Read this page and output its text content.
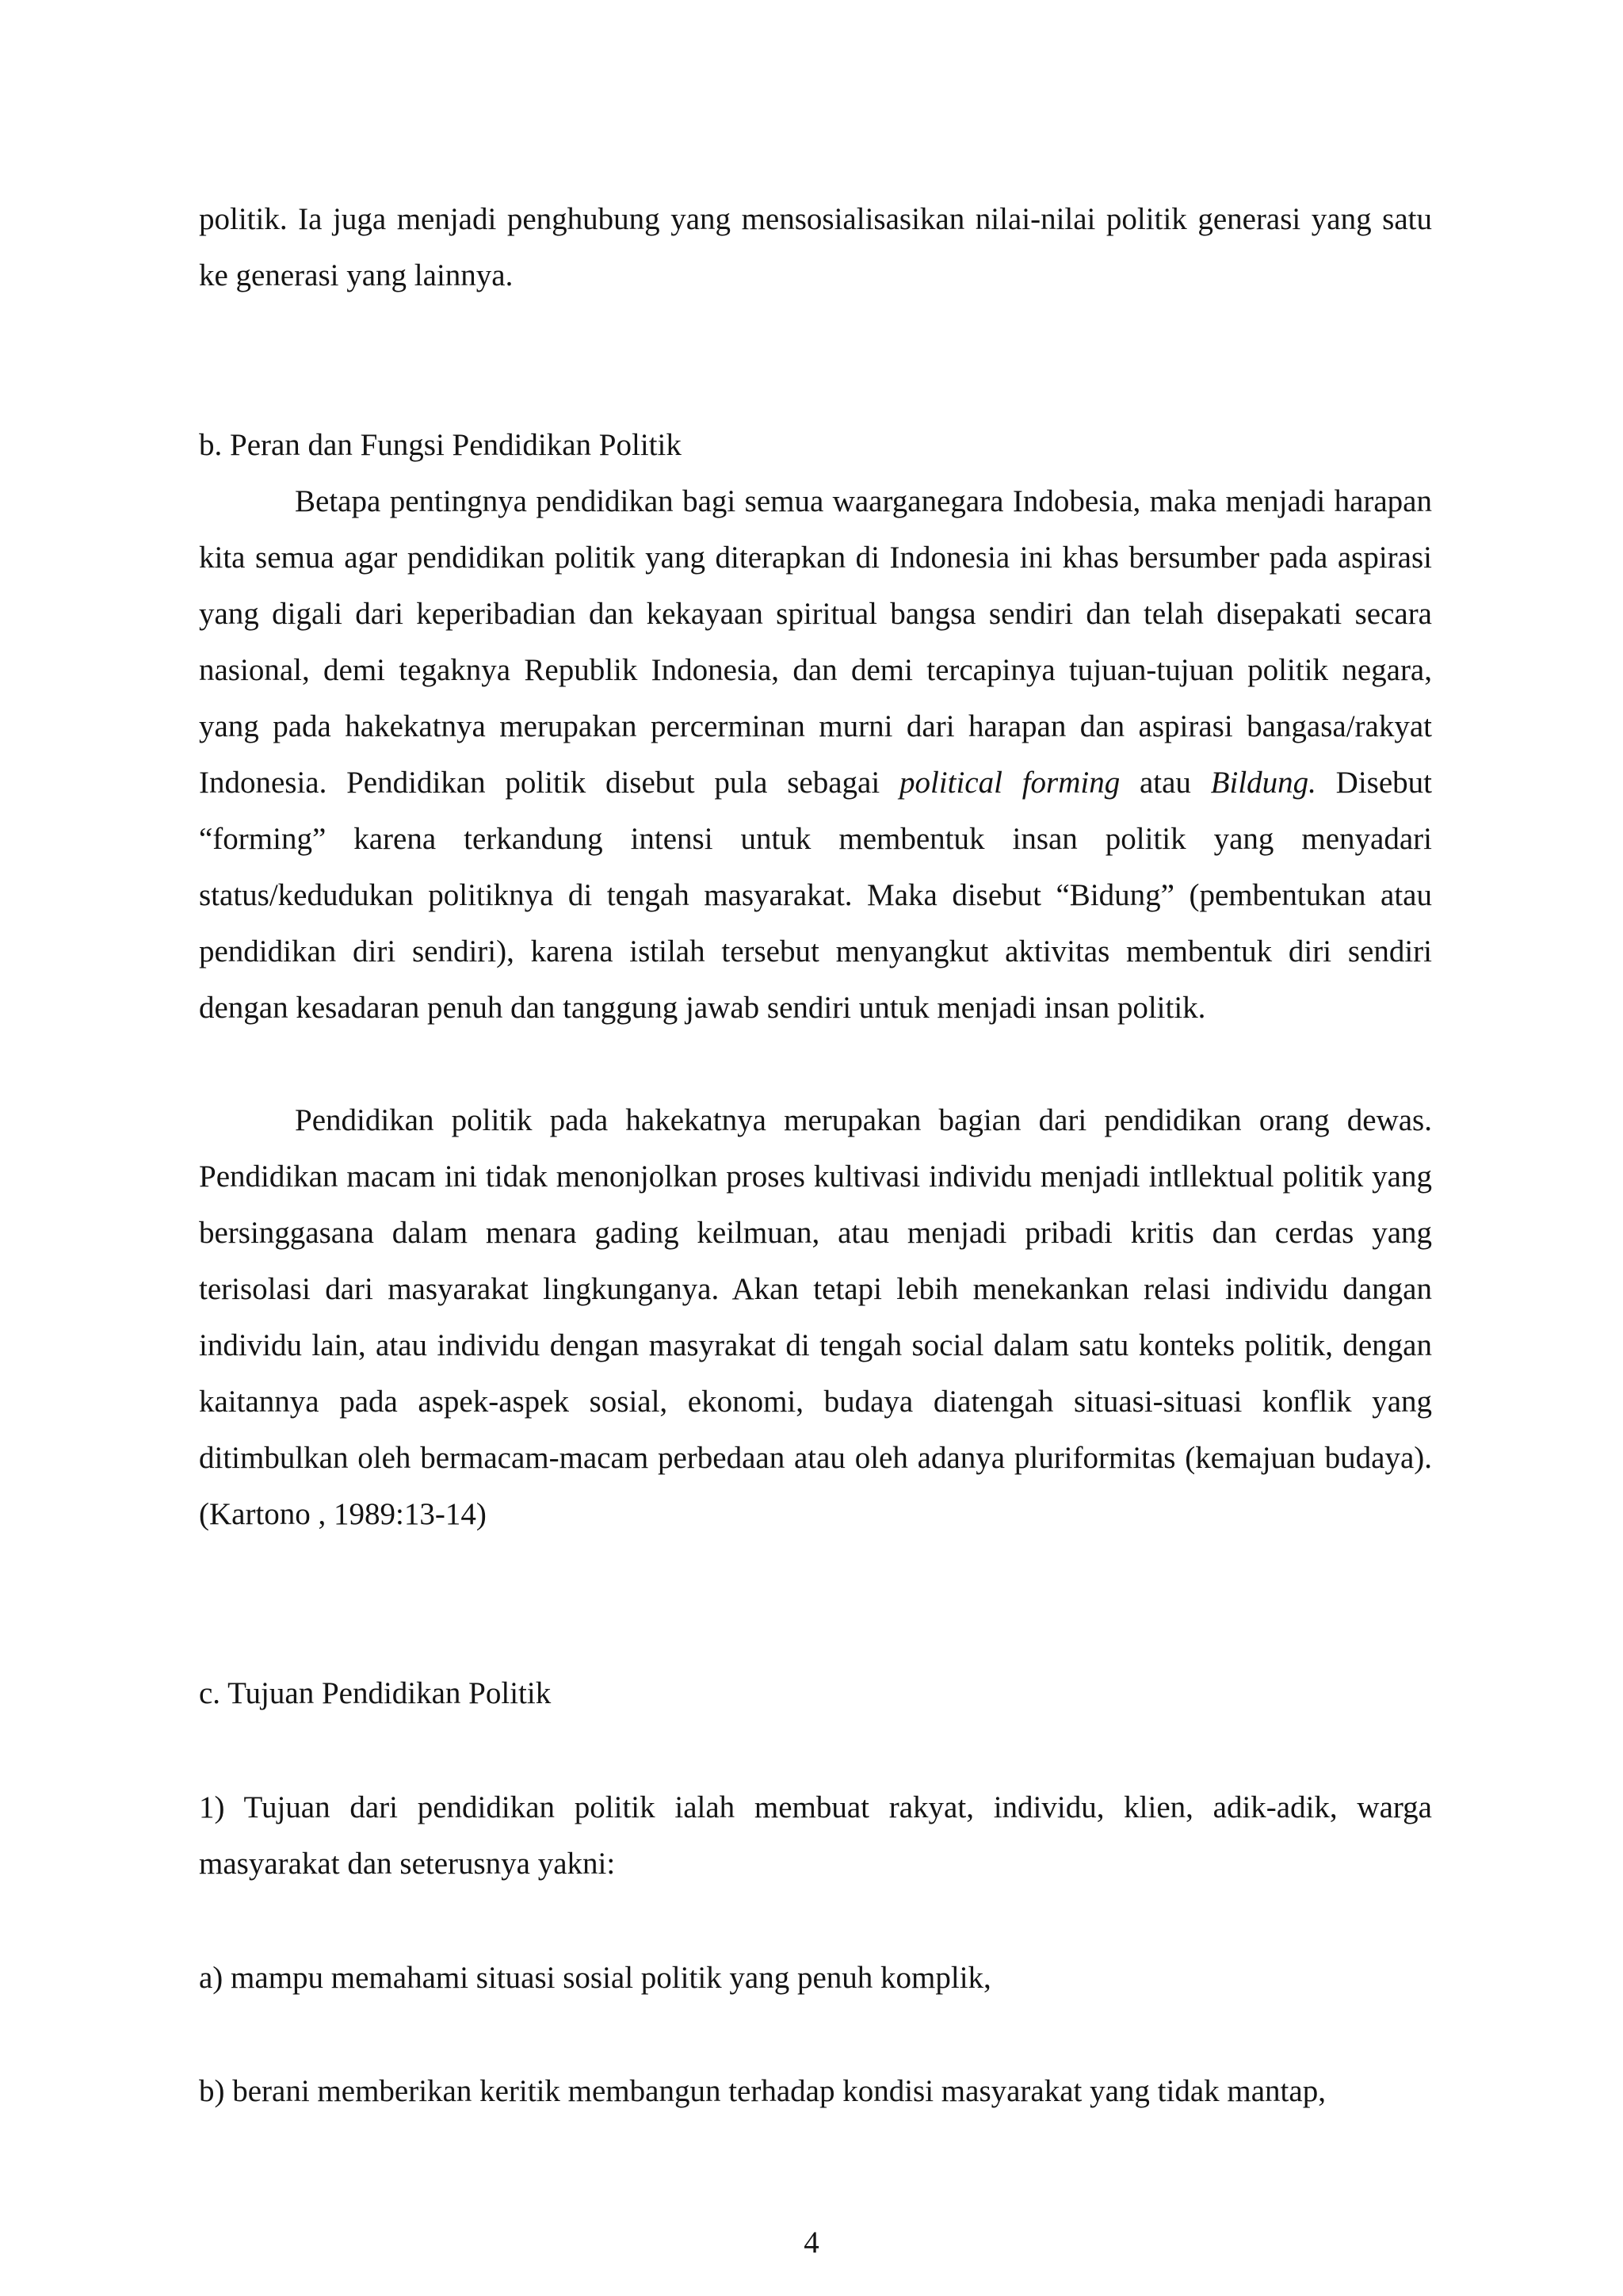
politik. Ia juga menjadi penghubung yang mensosialisasikan nilai-nilai politik generasi yang satu ke generasi yang lainnya.

b. Peran dan Fungsi Pendidikan Politik

Betapa pentingnya pendidikan bagi semua waarganegara Indobesia, maka menjadi harapan kita semua agar pendidikan politik yang diterapkan di Indonesia ini khas bersumber pada aspirasi yang digali dari keperibadian dan kekayaan spiritual bangsa sendiri dan telah disepakati secara nasional, demi tegaknya Republik Indonesia, dan demi tercapinya tujuan-tujuan politik negara, yang pada hakekatnya merupakan percerminan murni dari harapan dan aspirasi bangasa/rakyat Indonesia. Pendidikan politik disebut pula sebagai political forming atau Bildung. Disebut “forming” karena terkandung intensi untuk membentuk insan politik yang menyadari status/kedudukan politiknya di tengah masyarakat. Maka disebut “Bidung” (pembentukan atau pendidikan diri sendiri), karena istilah tersebut menyangkut aktivitas membentuk diri sendiri dengan kesadaran penuh dan tanggung jawab sendiri untuk menjadi insan politik.

Pendidikan politik pada hakekatnya merupakan bagian dari pendidikan orang dewas. Pendidikan macam ini tidak menonjolkan proses kultivasi individu menjadi intllektual politik yang bersinggasana dalam menara gading keilmuan, atau menjadi pribadi kritis dan cerdas yang terisolasi dari masyarakat lingkunganya. Akan tetapi lebih menekankan relasi individu dangan individu lain, atau individu dengan masyrakat di tengah social dalam satu konteks politik, dengan kaitannya pada aspek-aspek sosial, ekonomi, budaya diatengah situasi-situasi konflik yang ditimbulkan oleh bermacam-macam perbedaan atau oleh adanya pluriformitas (kemajuan budaya). (Kartono , 1989:13-14)

c. Tujuan Pendidikan Politik

1) Tujuan dari pendidikan politik ialah membuat rakyat, individu, klien, adik-adik, warga masyarakat dan seterusnya yakni:

a) mampu memahami situasi sosial politik yang penuh komplik,

b) berani memberikan keritik membangun terhadap kondisi masyarakat yang tidak mantap,

4
